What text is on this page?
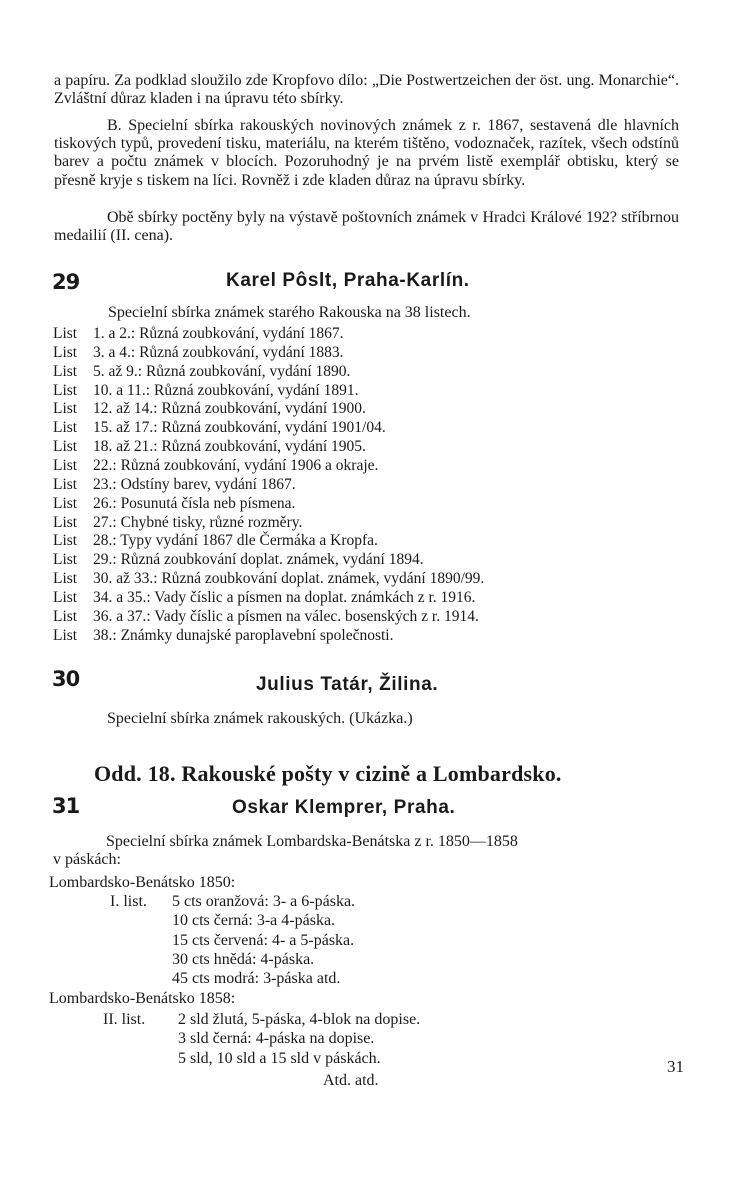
a papíru. Za podklad sloužilo zde Kropfovo dílo: „Die Postwertzeichen der öst. ung. Monarchie“. Zvláštní důraz kladen i na úpravu této sbírky.
B. Specielní sbírka rakouských novinových známek z r. 1867, sestavená dle hlavních tiskových typů, provedení tisku, materiálu, na kterém tištěno, vodoznaček, razítek, všech odstínů barev a počtu známek v blocích. Pozoruhodný je na prvém listě exemplář obtisku, který se přesně kryje s tiskem na líci. Rovněž i zde kladen důraz na úpravu sbírky.
Obě sbírky poctěny byly na výstavě poštovních známek v Hradci Králové 192? stříbrnou medailií (II. cena).
29	Karel Pôslt, Praha-Karlín.
Specielní sbírka známek starého Rakouska na 38 listech.
List 1. a 2.: Různá zoubkování, vydání 1867.
List 3. a 4.: Různá zoubkování, vydání 1883.
List 5. až 9.: Různá zoubkování, vydání 1890.
List 10. a 11.: Různá zoubkování, vydání 1891.
List 12. až 14.: Různá zoubkování, vydání 1900.
List 15. až 17.: Různá zoubkování, vydání 1901/04.
List 18. až 21.: Různá zoubkování, vydání 1905.
List 22.: Různá zoubkování, vydání 1906 a okraje.
List 23.: Odstíny barev, vydání 1867.
List 26.: Posunutá čísla neb písmena.
List 27.: Chybné tisky, různé rozměry.
List 28.: Typy vydání 1867 dle Čermáka a Kropfa.
List 29.: Různá zoubkování doplat. známek, vydání 1894.
List 30. až 33.: Různá zoubkování doplat. známek, vydání 1890/99.
List 34. a 35.: Vady číslic a písmen na doplat. známkách z r. 1916.
List 36. a 37.: Vady číslic a písmen na válec. bosenských z r. 1914.
List 38.: Známky dunajské paroplavební společnosti.
30	Julius Tatár, Žilina.
Specielní sbírka známek rakouských. (Ukázka.)
Odd. 18. Rakouské pošty v cizině a Lombardsko.
31	Oskar Klemprer, Praha.
Specielní sbírka známek Lombardska-Benátska z r. 1850—1858
v páskách:
Lombardsko-Benátsko 1850:
I. list. 5 cts oranžová: 3- a 6-páska.
10 cts černá: 3-a 4-páska.
15 cts červená: 4- a 5-páska.
30 cts hnědá: 4-páska.
45 cts modrá: 3-páska atd.
Lombardsko-Benátsko 1858:
II. list. 2 sld žlutá, 5-páska, 4-blok na dopise.
3 sld černá: 4-páska na dopise.
5 sld, 10 sld a 15 sld v páskách.
Atd. atd.
31
